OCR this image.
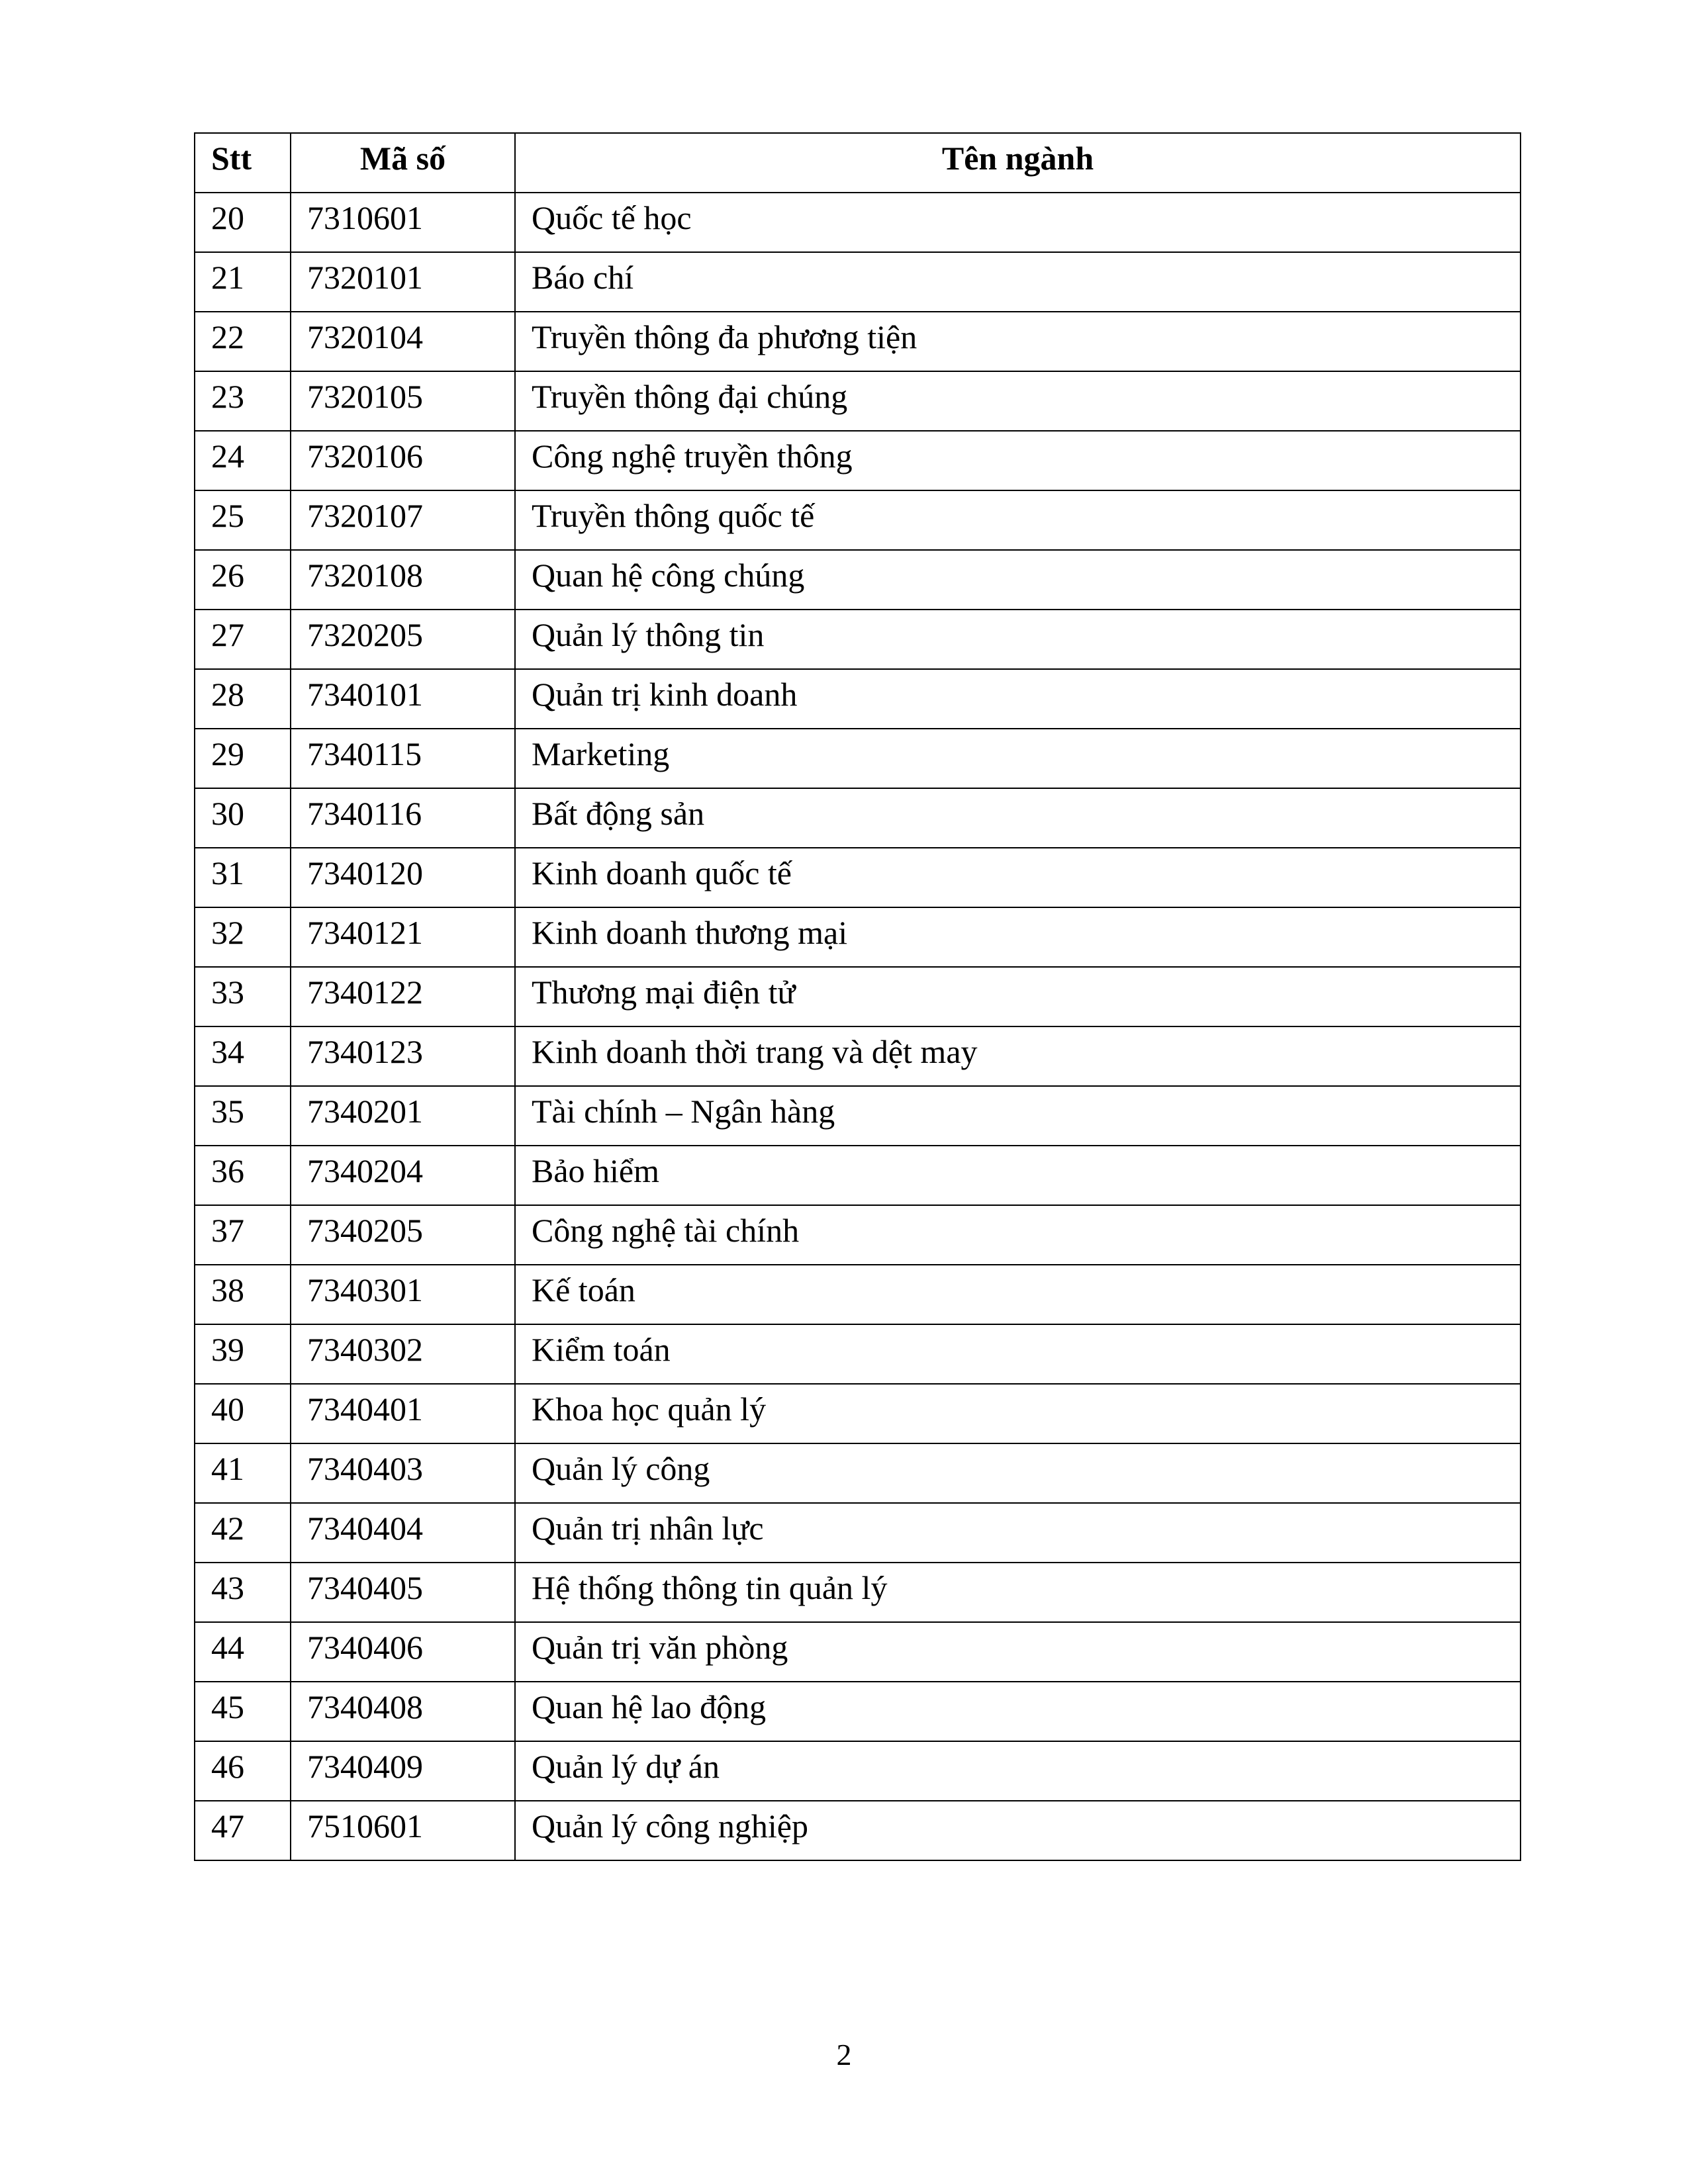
Stt	Mã số	Tên ngành
20	7310601	Quốc tế học
21	7320101	Báo chí
22	7320104	Truyền thông đa phương tiện
23	7320105	Truyền thông đại chúng
24	7320106	Công nghệ truyền thông
25	7320107	Truyền thông quốc tế
26	7320108	Quan hệ công chúng
27	7320205	Quản lý thông tin
28	7340101	Quản trị kinh doanh
29	7340115	Marketing
30	7340116	Bất động sản
31	7340120	Kinh doanh quốc tế
32	7340121	Kinh doanh thương mại
33	7340122	Thương mại điện tử
34	7340123	Kinh doanh thời trang và dệt may
35	7340201	Tài chính – Ngân hàng
36	7340204	Bảo hiểm
37	7340205	Công nghệ tài chính
38	7340301	Kế toán
39	7340302	Kiểm toán
40	7340401	Khoa học quản lý
41	7340403	Quản lý công
42	7340404	Quản trị nhân lực
43	7340405	Hệ thống thông tin quản lý
44	7340406	Quản trị văn phòng
45	7340408	Quan hệ lao động
46	7340409	Quản lý dự án
47	7510601	Quản lý công nghiệp
2
